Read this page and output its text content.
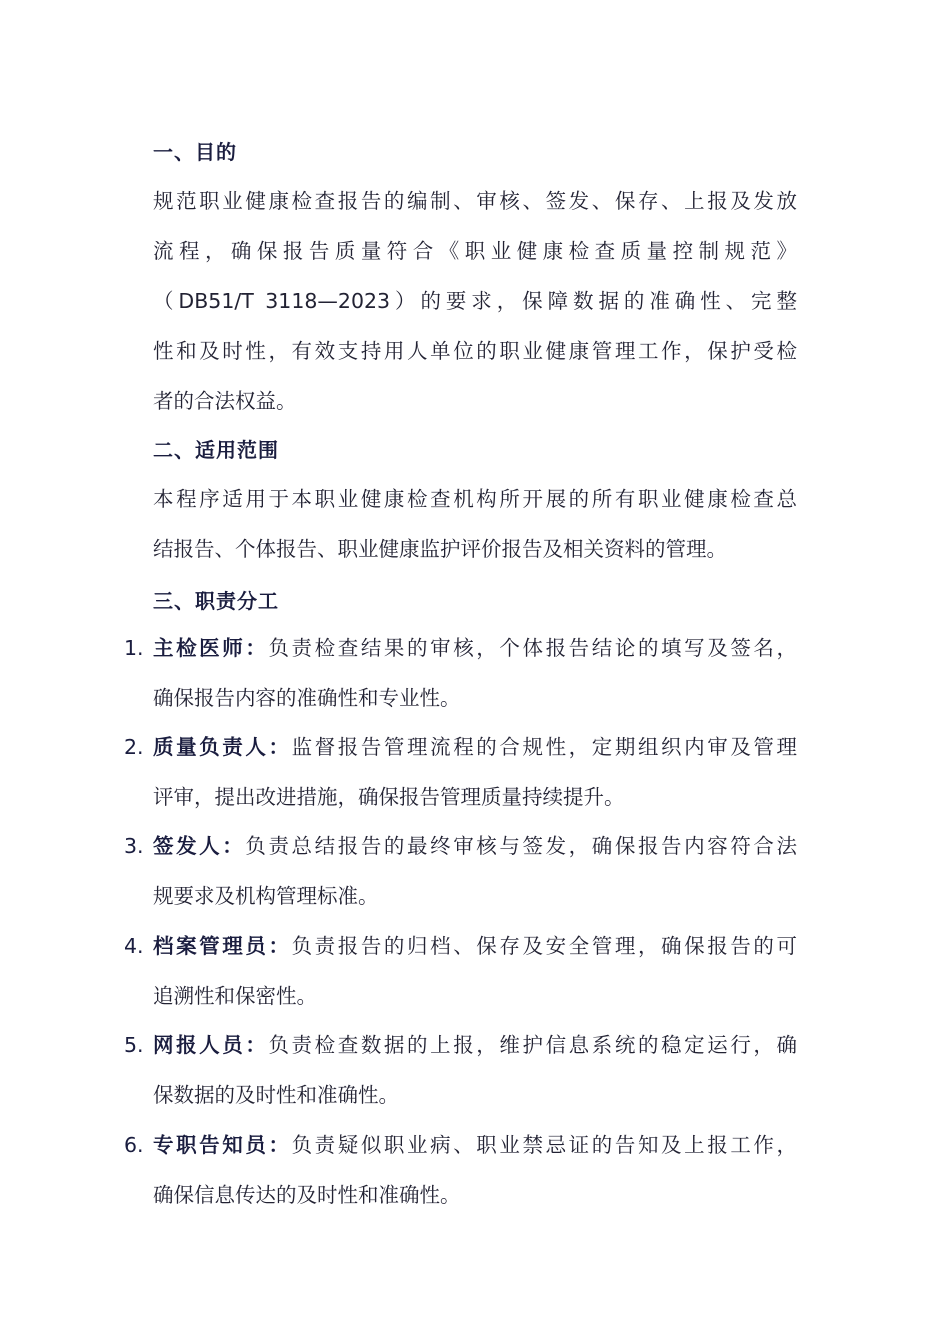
一、目的
规范职业健康检查报告的编制、审核、签发、保存、上报及发放
流程，确保报告质量符合《职业健康检查质量控制规范》
（DB51/T 3118—2023）的要求，保障数据的准确性、完整
性和及时性，有效支持用人单位的职业健康管理工作，保护受检
者的合法权益。
二、适用范围
本程序适用于本职业健康检查机构所开展的所有职业健康检查总
结报告、个体报告、职业健康监护评价报告及相关资料的管理。
三、职责分工
1. 主检医师：负责检查结果的审核，个体报告结论的填写及签名，
确保报告内容的准确性和专业性。
2. 质量负责人：监督报告管理流程的合规性，定期组织内审及管理
评审，提出改进措施，确保报告管理质量持续提升。
3. 签发人：负责总结报告的最终审核与签发，确保报告内容符合法
规要求及机构管理标准。
4. 档案管理员：负责报告的归档、保存及安全管理，确保报告的可
追溯性和保密性。
5. 网报人员：负责检查数据的上报，维护信息系统的稳定运行，确
保数据的及时性和准确性。
6. 专职告知员：负责疑似职业病、职业禁忌证的告知及上报工作，
确保信息传达的及时性和准确性。
